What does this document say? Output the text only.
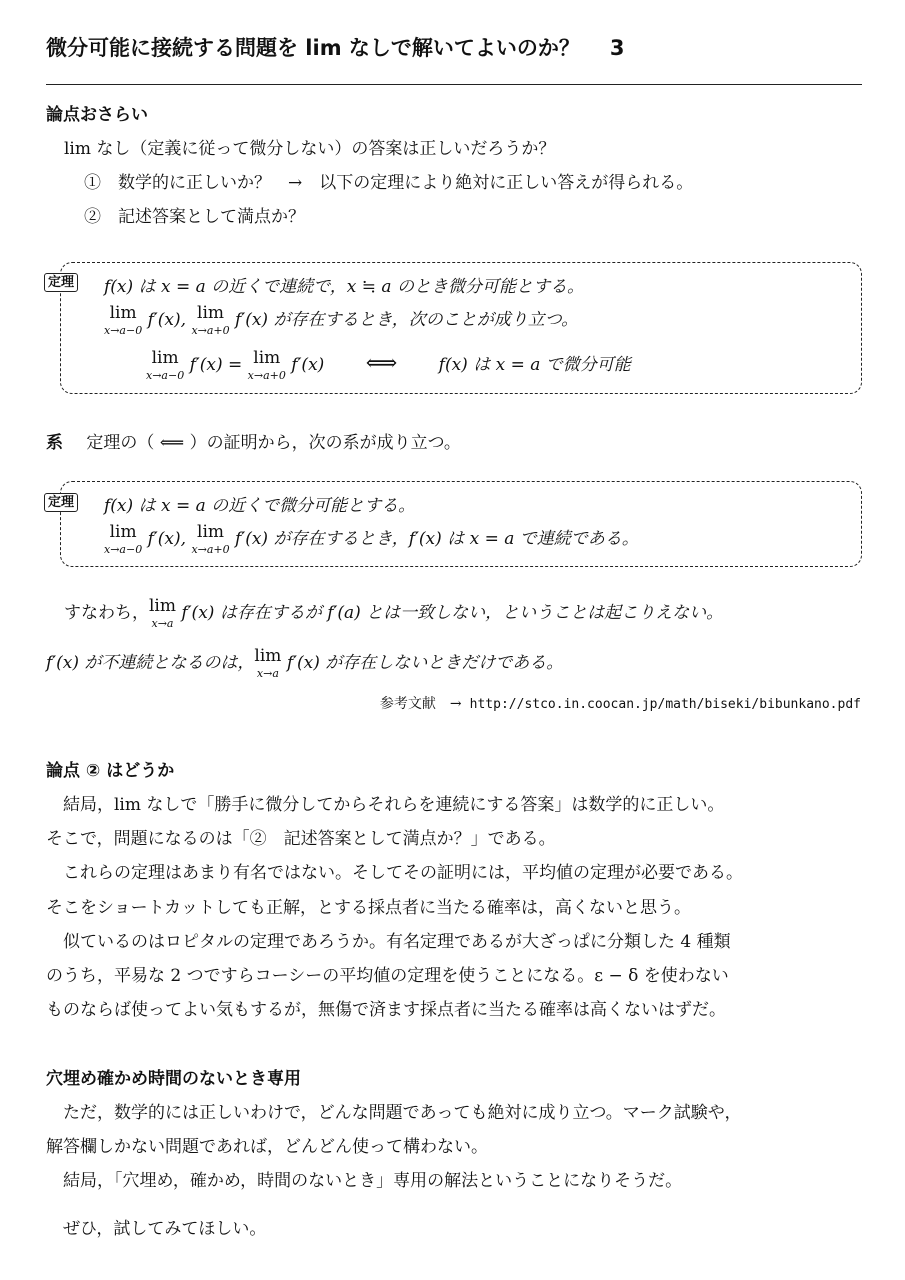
微分可能に接続する問題を lim なしで解いてよいのか？ 3
論点おさらい
lim なし（定義に従って微分しない）の答案は正しいだろうか？
①　数学的に正しいか？　→　以下の定理により絶対に正しい答えが得られる。
②　記述答案として満点か？
定理 f(x) は x = a の近くで連続で，x ≒ a のとき微分可能とする。
lim
x→a−0
f′(x), lim
x→a+0
f′(x) が存在するとき，次のことが成り立つ。
lim
x→a−0
f′(x) = lim
x→a+0
f′(x) ⟺ f(x) は x = a で微分可能
系 定理の（ ⟸ ）の証明から，次の系が成り立つ。
定理 f(x) は x = a の近くで微分可能とする。
lim
x→a−0
f′(x), lim
x→a+0
f′(x) が存在するとき，f′(x) は x = a で連続である。
すなわち， lim
x→a
f′(x) は存在するが f′(a) とは一致しない，ということは起こりえない。
f′(x) が不連続となるのは， lim
x→a
f′(x) が存在しないときだけである。
参考文献　→ http://stco.in.coocan.jp/math/biseki/bibunkano.pdf
論点 ② はどうか
　結局，lim なしで「勝手に微分してからそれらを連続にする答案」は数学的に正しい。
そこで，問題になるのは「②　記述答案として満点か？」である。
　これらの定理はあまり有名ではない。そしてその証明には，平均値の定理が必要である。
そこをショートカットしても正解，とする採点者に当たる確率は，高くないと思う。
　似ているのはロピタルの定理であろうか。有名定理であるが大ざっぱに分類した 4 種類
のうち，平易な 2 つですらコーシーの平均値の定理を使うことになる。ε − δ を使わない
ものならば使ってよい気もするが，無傷で済ます採点者に当たる確率は高くないはずだ。
穴埋め確かめ時間のないとき専用
　ただ，数学的には正しいわけで，どんな問題であっても絶対に成り立つ。マーク試験や，
解答欄しかない問題であれば，どんどん使って構わない。
　結局，「穴埋め，確かめ，時間のないとき」専用の解法ということになりそうだ。
　ぜひ，試してみてほしい。
